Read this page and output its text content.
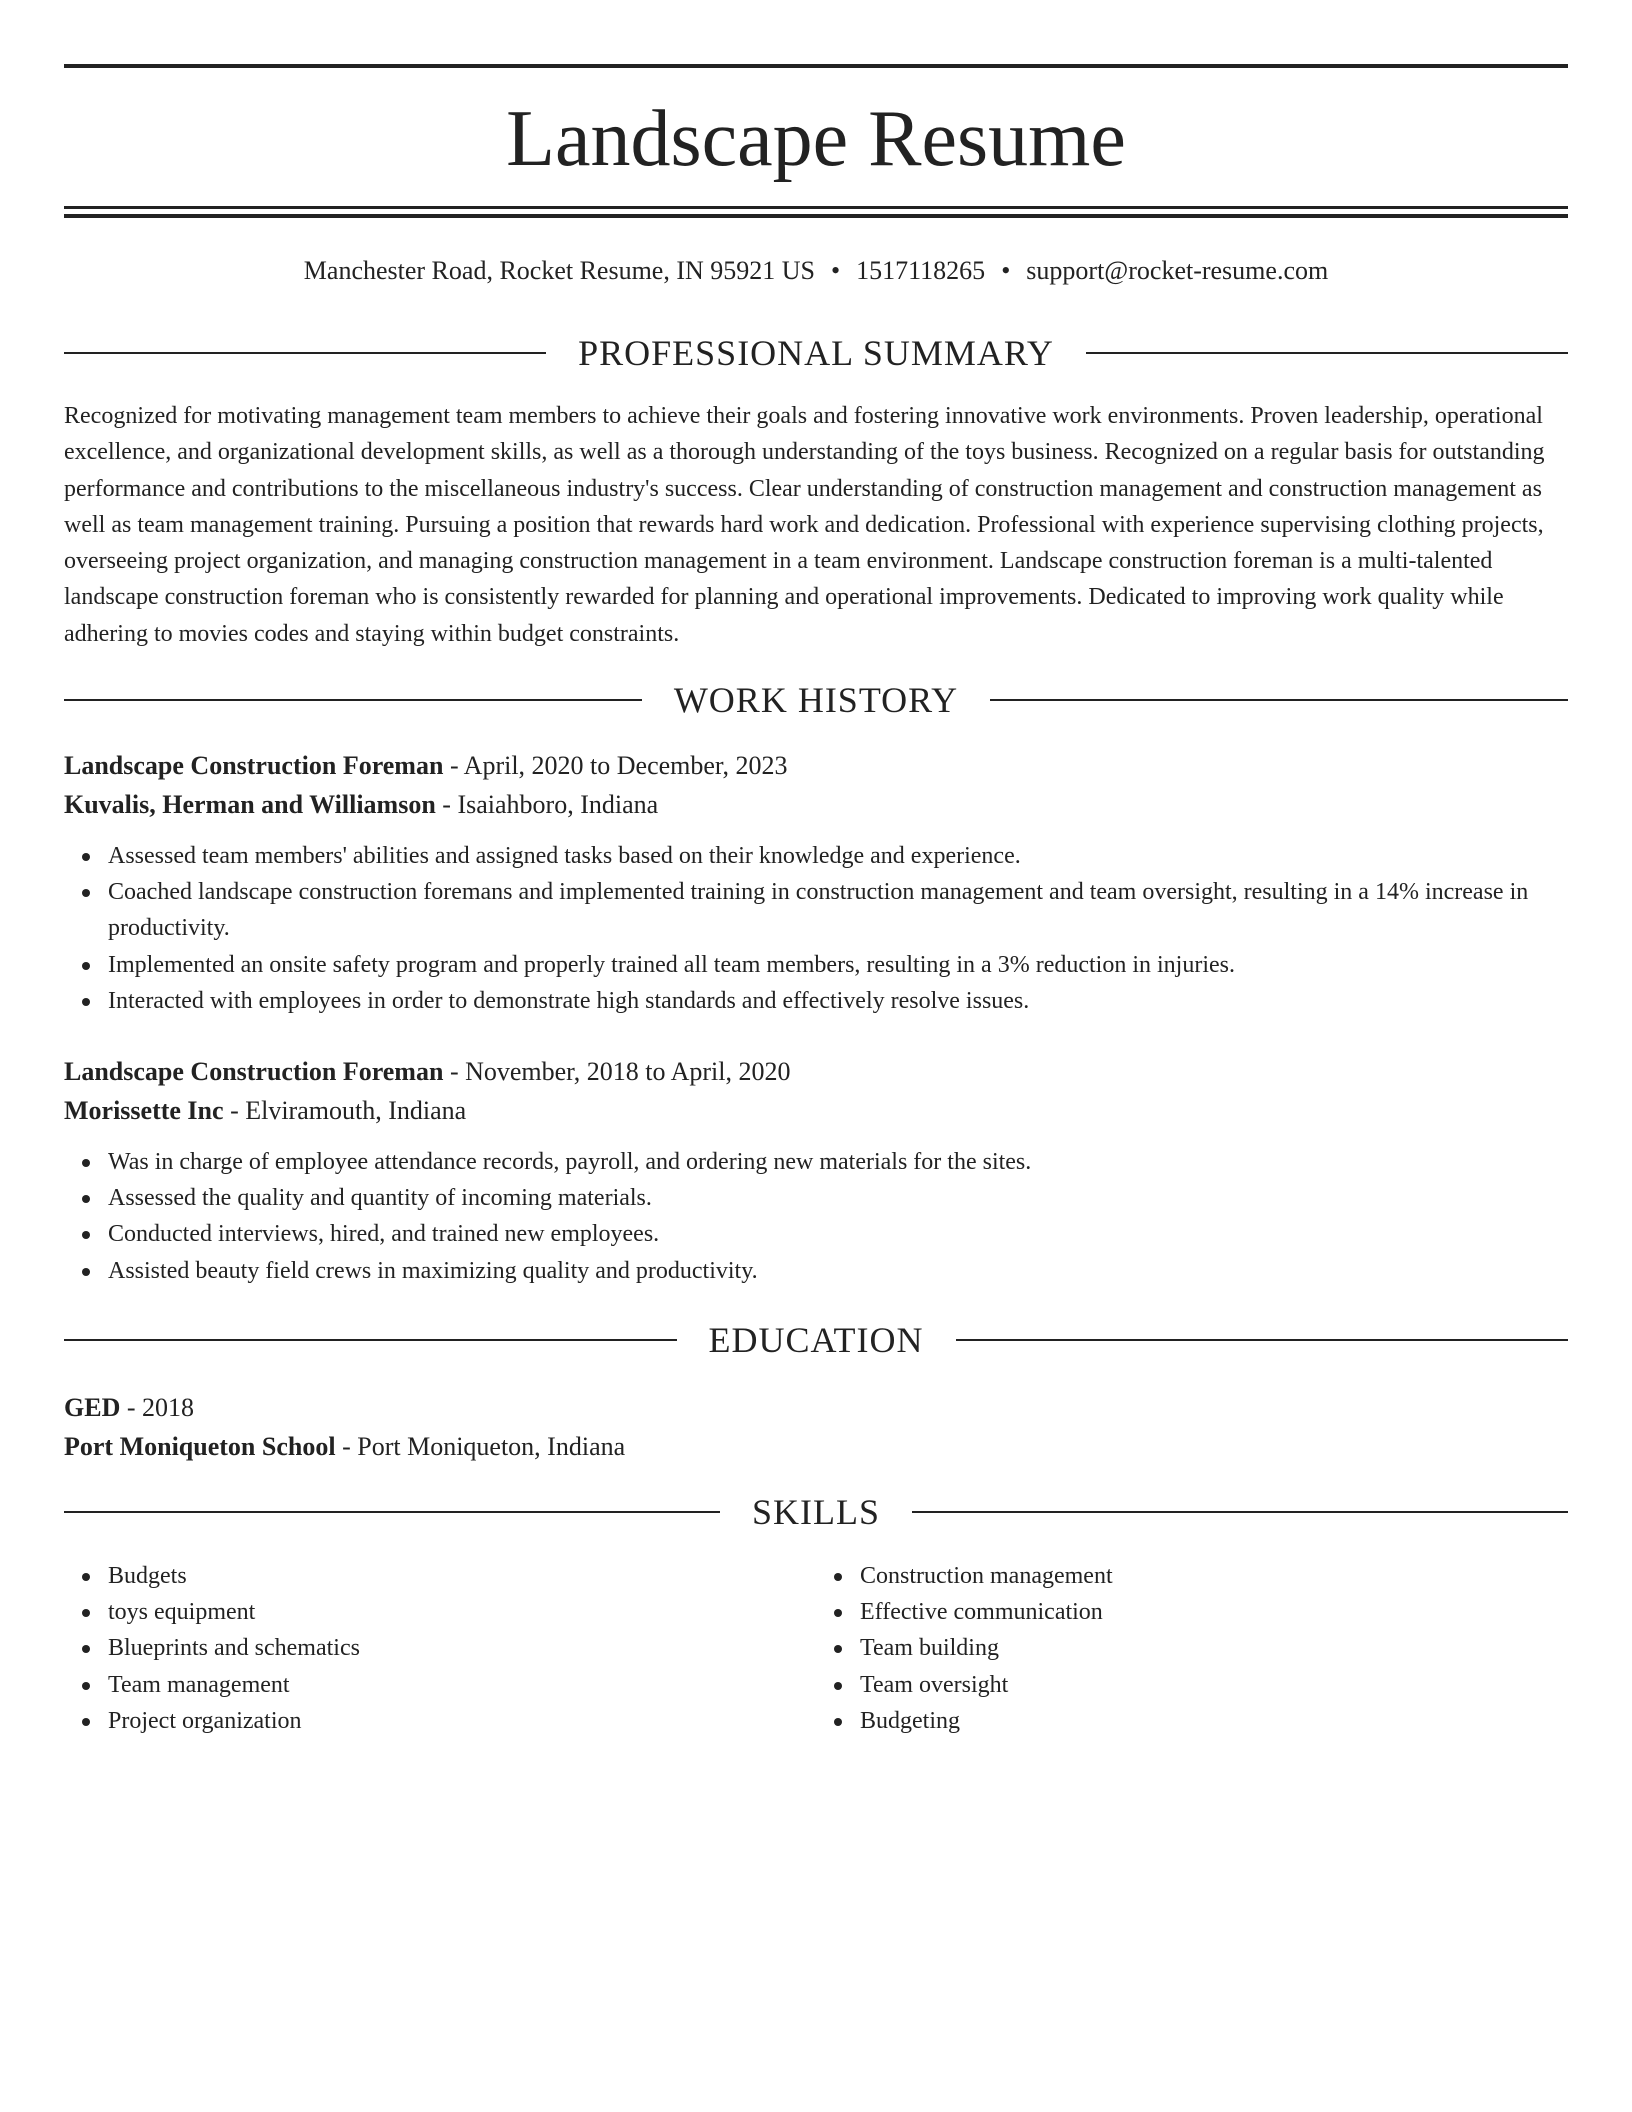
Landscape Resume
Manchester Road, Rocket Resume, IN 95921 US • 1517118265 • support@rocket-resume.com
PROFESSIONAL SUMMARY

Recognized for motivating management team members to achieve their goals and fostering innovative work environments. Proven leadership, operational excellence, and organizational development skills, as well as a thorough understanding of the toys business. Recognized on a regular basis for outstanding performance and contributions to the miscellaneous industry's success. Clear understanding of construction management and construction management as well as team management training. Pursuing a position that rewards hard work and dedication. Professional with experience supervising clothing projects, overseeing project organization, and managing construction management in a team environment. Landscape construction foreman is a multi-talented landscape construction foreman who is consistently rewarded for planning and operational improvements. Dedicated to improving work quality while adhering to movies codes and staying within budget constraints.

WORK HISTORY

Landscape Construction Foreman - April, 2020 to December, 2023

Kuvalis, Herman and Williamson - Isaiahboro, Indiana

Assessed team members' abilities and assigned tasks based on their knowledge and experience.
Coached landscape construction foremans and implemented training in construction management and team oversight, resulting in a 14% increase in productivity.
Implemented an onsite safety program and properly trained all team members, resulting in a 3% reduction in injuries.
Interacted with employees in order to demonstrate high standards and effectively resolve issues.

Landscape Construction Foreman - November, 2018 to April, 2020

Morissette Inc - Elviramouth, Indiana

Was in charge of employee attendance records, payroll, and ordering new materials for the sites.
Assessed the quality and quantity of incoming materials.
Conducted interviews, hired, and trained new employees.
Assisted beauty field crews in maximizing quality and productivity.
EDUCATION

GED - 2018

Port Moniqueton School - Port Moniqueton, Indiana

SKILLS
Budgets
toys equipment
Blueprints and schematics
Team management
Project organization
Construction management
Effective communication
Team building
Team oversight
Budgeting
